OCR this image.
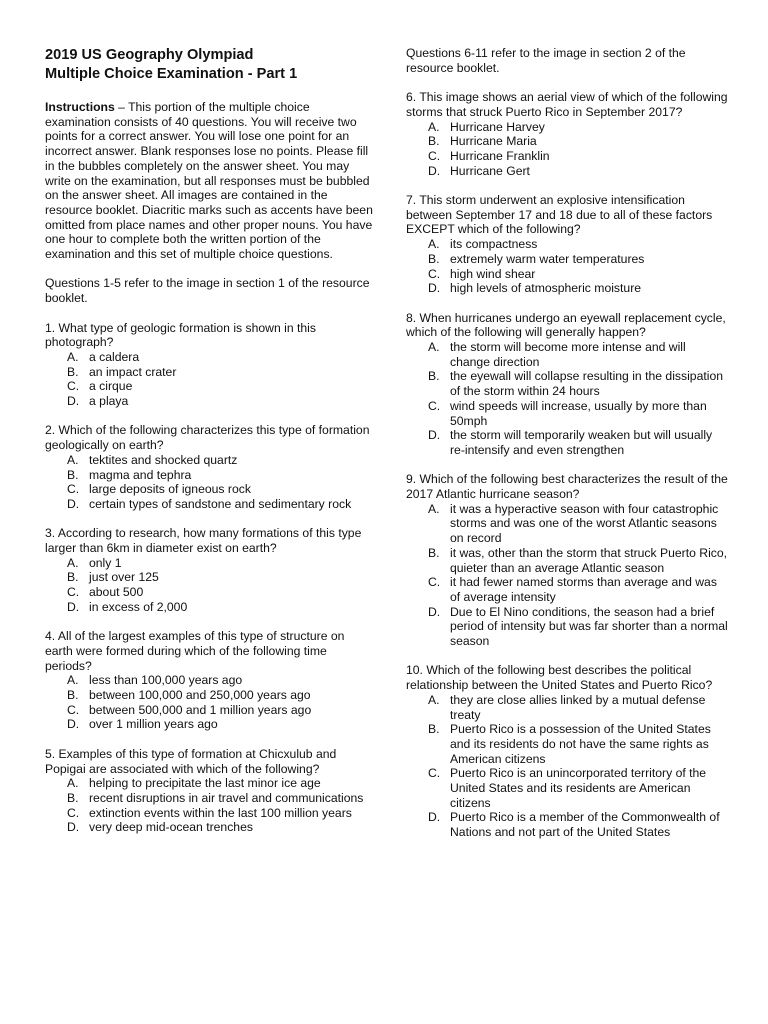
2019 US Geography Olympiad
Multiple Choice Examination - Part 1

Instructions – This portion of the multiple choice examination consists of 40 questions. You will receive two points for a correct answer. You will lose one point for an incorrect answer. Blank responses lose no points. Please fill in the bubbles completely on the answer sheet. You may write on the examination, but all responses must be bubbled on the answer sheet. All images are contained in the resource booklet. Diacritic marks such as accents have been omitted from place names and other proper nouns. You have one hour to complete both the written portion of the examination and this set of multiple choice questions.

Questions 1-5 refer to the image in section 1 of the resource booklet.

1. What type of geologic formation is shown in this photograph?

A. a caldera
B. an impact crater
C. a cirque
D. a playa

2. Which of the following characterizes this type of formation geologically on earth?

A. tektites and shocked quartz
B. magma and tephra
C. large deposits of igneous rock
D. certain types of sandstone and sedimentary rock

3. According to research, how many formations of this type larger than 6km in diameter exist on earth?

A. only 1
B. just over 125
C. about 500
D. in excess of 2,000

4. All of the largest examples of this type of structure on earth were formed during which of the following time periods?

A. less than 100,000 years ago
B. between 100,000 and 250,000 years ago
C. between 500,000 and 1 million years ago
D. over 1 million years ago

5. Examples of this type of formation at Chicxulub and Popigai are associated with which of the following?

A. helping to precipitate the last minor ice age
B. recent disruptions in air travel and communications
C. extinction events within the last 100 million years
D. very deep mid-ocean trenches

Questions 6-11 refer to the image in section 2 of the resource booklet.

6. This image shows an aerial view of which of the following storms that struck Puerto Rico in September 2017?

A. Hurricane Harvey
B. Hurricane Maria
C. Hurricane Franklin
D. Hurricane Gert

7. This storm underwent an explosive intensification between September 17 and 18 due to all of these factors EXCEPT which of the following?

A. its compactness
B. extremely warm water temperatures
C. high wind shear
D. high levels of atmospheric moisture

8. When hurricanes undergo an eyewall replacement cycle, which of the following will generally happen?

A. the storm will become more intense and will change direction
B. the eyewall will collapse resulting in the dissipation of the storm within 24 hours
C. wind speeds will increase, usually by more than 50mph
D. the storm will temporarily weaken but will usually re-intensify and even strengthen

9. Which of the following best characterizes the result of the 2017 Atlantic hurricane season?

A. it was a hyperactive season with four catastrophic storms and was one of the worst Atlantic seasons on record
B. it was, other than the storm that struck Puerto Rico, quieter than an average Atlantic season
C. it had fewer named storms than average and was of average intensity
D. Due to El Nino conditions, the season had a brief period of intensity but was far shorter than a normal season

10. Which of the following best describes the political relationship between the United States and Puerto Rico?

A. they are close allies linked by a mutual defense treaty
B. Puerto Rico is a possession of the United States and its residents do not have the same rights as American citizens
C. Puerto Rico is an unincorporated territory of the United States and its residents are American citizens
D. Puerto Rico is a member of the Commonwealth of Nations and not part of the United States
